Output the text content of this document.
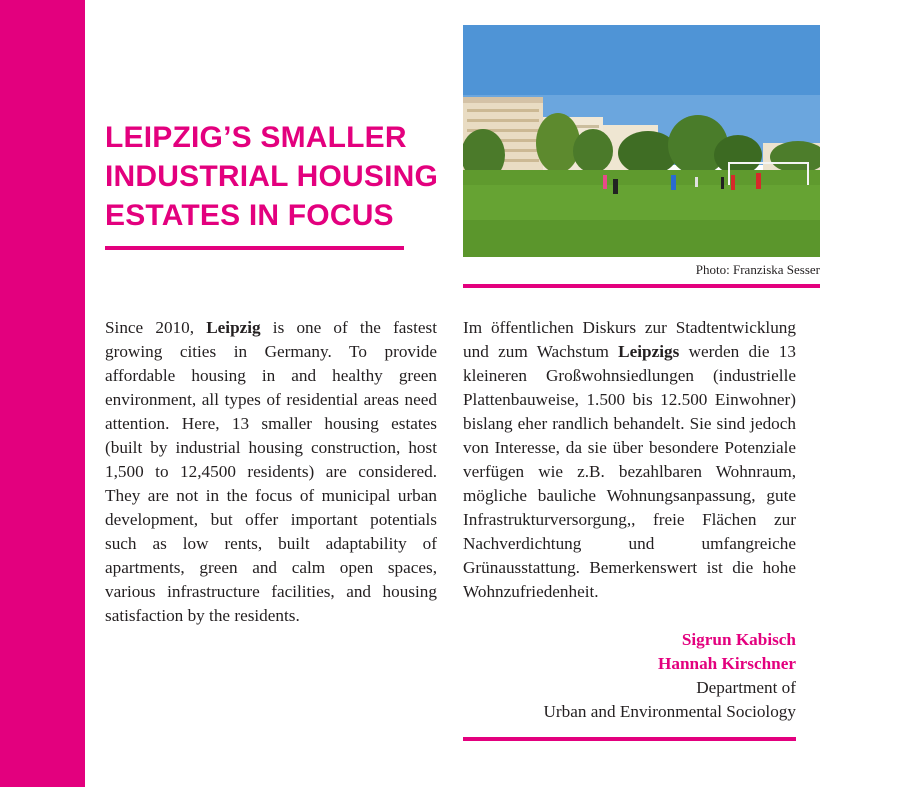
LEIPZIG’S SMALLER INDUSTRIAL HOUSING ESTATES IN FOCUS
Photo: Franziska Sesser

Since 2010, Leipzig is one of the fastest growing cities in Germany. To provide affordable housing in and healthy green environment, all types of residential areas need attention. Here, 13 smaller housing estates (built by industrial housing construction, host 1,500 to 12,4500 residents) are considered. They are not in the focus of municipal urban development, but offer important potentials such as low rents, built adaptability of apartments, green and calm open spaces, various infrastructure facilities, and housing satisfaction by the residents.

Im öffentlichen Diskurs zur Stadtentwicklung und zum Wachstum Leipzigs werden die 13 kleineren Großwohnsiedlungen (industrielle Plattenbauweise, 1.500 bis 12.500 Einwohner) bislang eher randlich behandelt. Sie sind jedoch von Interesse, da sie über besondere Potenziale verfügen wie z.B. bezahlbaren Wohnraum, mögliche bauliche Wohnungsanpassung, gute Infrastrukturversorgung,, freie Flächen zur Nachverdichtung und umfangreiche Grünausstattung. Bemerkenswert ist die hohe Wohnzufriedenheit.

Sigrun Kabisch
Hannah Kirschner
Department of
Urban and Environmental Sociology
